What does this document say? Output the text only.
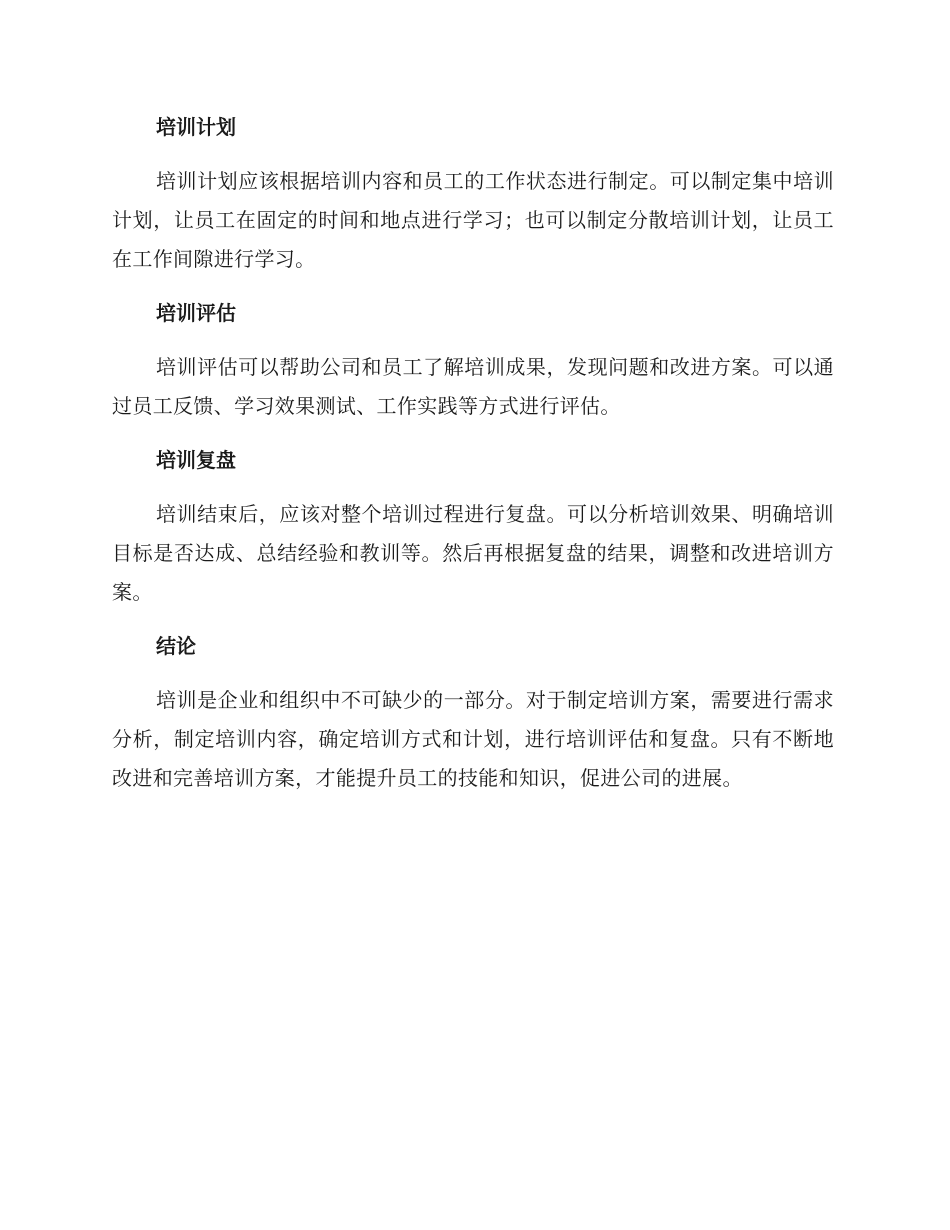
培训计划

培训计划应该根据培训内容和员工的工作状态进行制定。可以制定集中培训计划，让员工在固定的时间和地点进行学习；也可以制定分散培训计划，让员工在工作间隙进行学习。

培训评估

培训评估可以帮助公司和员工了解培训成果，发现问题和改进方案。可以通过员工反馈、学习效果测试、工作实践等方式进行评估。

培训复盘

培训结束后，应该对整个培训过程进行复盘。可以分析培训效果、明确培训目标是否达成、总结经验和教训等。然后再根据复盘的结果，调整和改进培训方案。

结论

培训是企业和组织中不可缺少的一部分。对于制定培训方案，需要进行需求分析，制定培训内容，确定培训方式和计划，进行培训评估和复盘。只有不断地改进和完善培训方案，才能提升员工的技能和知识，促进公司的进展。
